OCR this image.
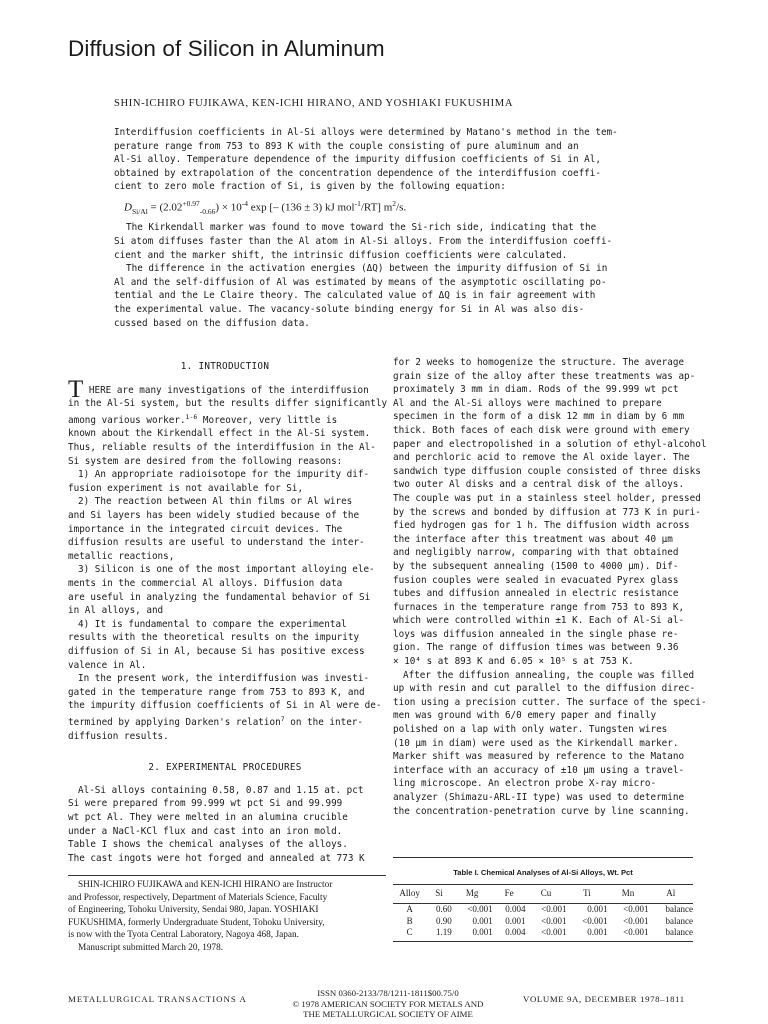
Diffusion of Silicon in Aluminum
SHIN-ICHIRO FUJIKAWA, KEN-ICHI HIRANO, AND YOSHIAKI FUKUSHIMA

Interdiffusion coefficients in Al-Si alloys were determined by Matano's method in the tem-

perature range from 753 to 893 K with the couple consisting of pure aluminum and an

Al-Si alloy. Temperature dependence of the impurity diffusion coefficients of Si in Al,

obtained by extrapolation of the concentration dependence of the interdiffusion coeffi-

cient to zero mole fraction of Si, is given by the following equation:

$D_{Si/Al} = (2.02^{+0.97}_{-0.66}) \times 10^{-4}$ exp [– (136 ± 3) kJ mol$^{-1}$/RT] $m^2/s$.

The Kirkendall marker was found to move toward the Si-rich side, indicating that the

Si atom diffuses faster than the Al atom in Al-Si alloys. From the interdiffusion coeffi-

cient and the marker shift, the intrinsic diffusion coefficients were calculated.

The difference in the activation energies (ΔQ) between the impurity diffusion of Si in

Al and the self-diffusion of Al was estimated by means of the asymptotic oscillating po-

tential and the Le Claire theory. The calculated value of ΔQ is in fair agreement with

the experimental value. The vacancy-solute binding energy for Si in Al was also dis-

cussed based on the diffusion data.

1. INTRODUCTION

T HERE are many investigations of the interdiffusion

in the Al-Si system, but the results differ significantly

among various worker.$^{1-6}$ Moreover, very little is

known about the Kirkendall effect in the Al-Si system.

Thus, reliable results of the interdiffusion in the Al-

Si system are desired from the following reasons:

1) An appropriate radioisotope for the impurity dif-

fusion experiment is not available for Si,

2) The reaction between Al thin films or Al wires

and Si layers has been widely studied because of the

importance in the integrated circuit devices. The

diffusion results are useful to understand the inter-

metallic reactions,

3) Silicon is one of the most important alloying ele-

ments in the commercial Al alloys. Diffusion data

are useful in analyzing the fundamental behavior of Si

in Al alloys, and

4) It is fundamental to compare the experimental

results with the theoretical results on the impurity

diffusion of Si in Al, because Si has positive excess

valence in Al.

In the present work, the interdiffusion was investi-

gated in the temperature range from 753 to 893 K, and

the impurity diffusion coefficients of Si in Al were de-

termined by applying Darken's relation$^7$ on the inter-

diffusion results.

2. EXPERIMENTAL PROCEDURES

Al-Si alloys containing 0.58, 0.87 and 1.15 at. pct

Si were prepared from 99.999 wt pct Si and 99.999

wt pct Al. They were melted in an alumina crucible

under a NaCl-KCl flux and cast into an iron mold.

Table I shows the chemical analyses of the alloys.

The cast ingots were hot forged and annealed at 773 K

for 2 weeks to homogenize the structure. The average

grain size of the alloy after these treatments was ap-

proximately 3 mm in diam. Rods of the 99.999 wt pct

Al and the Al-Si alloys were machined to prepare

specimen in the form of a disk 12 mm in diam by 6 mm

thick. Both faces of each disk were ground with emery

paper and electropolished in a solution of ethyl-alcohol

and perchloric acid to remove the Al oxide layer. The

sandwich type diffusion couple consisted of three disks

two outer Al disks and a central disk of the alloys.

The couple was put in a stainless steel holder, pressed

by the screws and bonded by diffusion at 773 K in puri-

fied hydrogen gas for 1 h. The diffusion width across

the interface after this treatment was about 40 μm

and negligibly narrow, comparing with that obtained

by the subsequent annealing (1500 to 4000 μm). Dif-

fusion couples were sealed in evacuated Pyrex glass

tubes and diffusion annealed in electric resistance

furnaces in the temperature range from 753 to 893 K,

which were controlled within ±1 K. Each of Al-Si al-

loys was diffusion annealed in the single phase re-

gion. The range of diffusion times was between 9.36

× 10⁴ s at 893 K and 6.05 × 10⁵ s at 753 K.

After the diffusion annealing, the couple was filled

up with resin and cut parallel to the diffusion direc-

tion using a precision cutter. The surface of the speci-

men was ground with 6/0 emery paper and finally

polished on a lap with only water. Tungsten wires

(10 μm in diam) were used as the Kirkendall marker.

Marker shift was measured by reference to the Matano

interface with an accuracy of ±10 μm using a travel-

ling microscope. An electron probe X-ray micro-

analyzer (Shimazu-ARL-II type) was used to determine

the concentration-penetration curve by line scanning.

Table I. Chemical Analyses of Al-Si Alloys, Wt. Pct
Alloy	Si	Mg	Fe	Cu	Ti	Mn	Al
A	0.60	<0.001	0.004	<0.001	0.001	<0.001	balance
B	0.90	0.001	0.001	<0.001	<0.001	<0.001	balance
C	1.19	0.001	0.004	<0.001	0.001	<0.001	balance

SHIN-ICHIRO FUJIKAWA and KEN-ICHI HIRANO are Instructor

and Professor, respectively, Department of Materials Science, Faculty

of Engineering, Tohoku University, Sendai 980, Japan. YOSHIAKI

FUKUSHIMA, formerly Undergraduate Student, Tohoku University,

is now with the Tyota Central Laboratory, Nagoya 468, Japan.

Manuscript submitted March 20, 1978.

METALLURGICAL TRANSACTIONS A
ISSN 0360-2133/78/1211-1811$00.75/0
© 1978 AMERICAN SOCIETY FOR METALS AND
THE METALLURGICAL SOCIETY OF AIME
VOLUME 9A, DECEMBER 1978–1811
